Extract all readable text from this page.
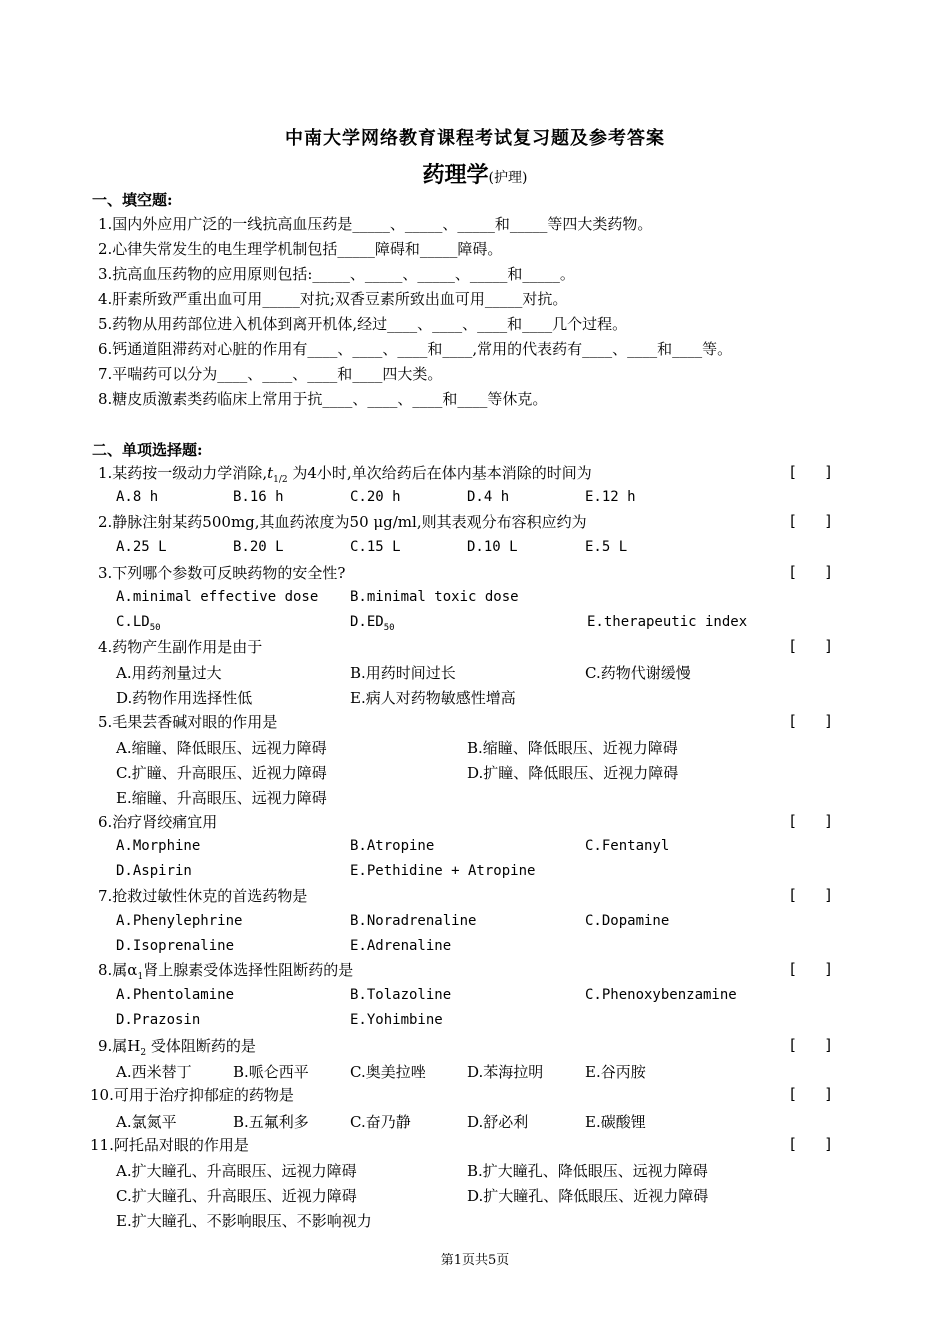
中南大学网络教育课程考试复习题及参考答案
药理学(护理)
一、填空题:
1.国内外应用广泛的一线抗高血压药是_____、_____、_____和_____等四大类药物。
2.心律失常发生的电生理学机制包括_____障碍和_____障碍。
3.抗高血压药物的应用原则包括:_____、_____、_____、_____和_____。
4.肝素所致严重出血可用_____对抗;双香豆素所致出血可用_____对抗。
5.药物从用药部位进入机体到离开机体,经过____、____、____和____几个过程。
6.钙通道阻滞药对心脏的作用有____、____、____和____,常用的代表药有____、____和____等。
7.平喘药可以分为____、____、____和____四大类。
8.糖皮质激素类药临床上常用于抗____、____、____和____等休克。
二、单项选择题:
1.某药按一级动力学消除$,t_{1/2}$ 为4小时,单次给药后在体内基本消除的时间为	[   ]
A.8 h	B.16 h	C.20 h	D.4 h	E.12 h
2.静脉注射某药500mg,其血药浓度为50 μg/ml,则其表观分布容积应约为	[   ]
A.25 L	B.20 L	C.15 L	D.10 L	E.5 L
3.下列哪个参数可反映药物的安全性?	[   ]
A.minimal effective dose B.minimal toxic dose
$C.LD_{50}$	$D.ED_{50}$	E.therapeutic index
4.药物产生副作用是由于	[   ]
A.用药剂量过大	B.用药时间过长	C.药物代谢缓慢
D.药物作用选择性低	E.病人对药物敏感性增高
5.毛果芸香碱对眼的作用是	[   ]
A.缩瞳、降低眼压、远视力障碍	B.缩瞳、降低眼压、近视力障碍
C.扩瞳、升高眼压、近视力障碍	D.扩瞳、降低眼压、近视力障碍
E.缩瞳、升高眼压、远视力障碍
6.治疗肾绞痛宜用	[   ]
A.Morphine	B.Atropine	C.Fentanyl
D.Aspirin	E.Pethidine + Atropine
7.抢救过敏性休克的首选药物是	[   ]
A.Phenylephrine	B.Noradrenaline	C.Dopamine
D.Isoprenaline	E.Adrenaline
8.属$\alpha_1$肾上腺素受体选择性阻断药的是	[   ]
A.Phentolamine	B.Tolazoline	C.Phenoxybenzamine
D.Prazosin	E.Yohimbine
9.属$H_2$ 受体阻断药的是	[   ]
A.西米替丁	B.哌仑西平	C.奥美拉唑	D.苯海拉明	E.谷丙胺
10.可用于治疗抑郁症的药物是	[   ]
A.氯氮平	B.五氟利多	C.奋乃静	D.舒必利	E.碳酸锂
11.阿托品对眼的作用是	[   ]
A.扩大瞳孔、升高眼压、远视力障碍	B.扩大瞳孔、降低眼压、远视力障碍
C.扩大瞳孔、升高眼压、近视力障碍	D.扩大瞳孔、降低眼压、近视力障碍
E.扩大瞳孔、不影响眼压、不影响视力
第1页共5页
